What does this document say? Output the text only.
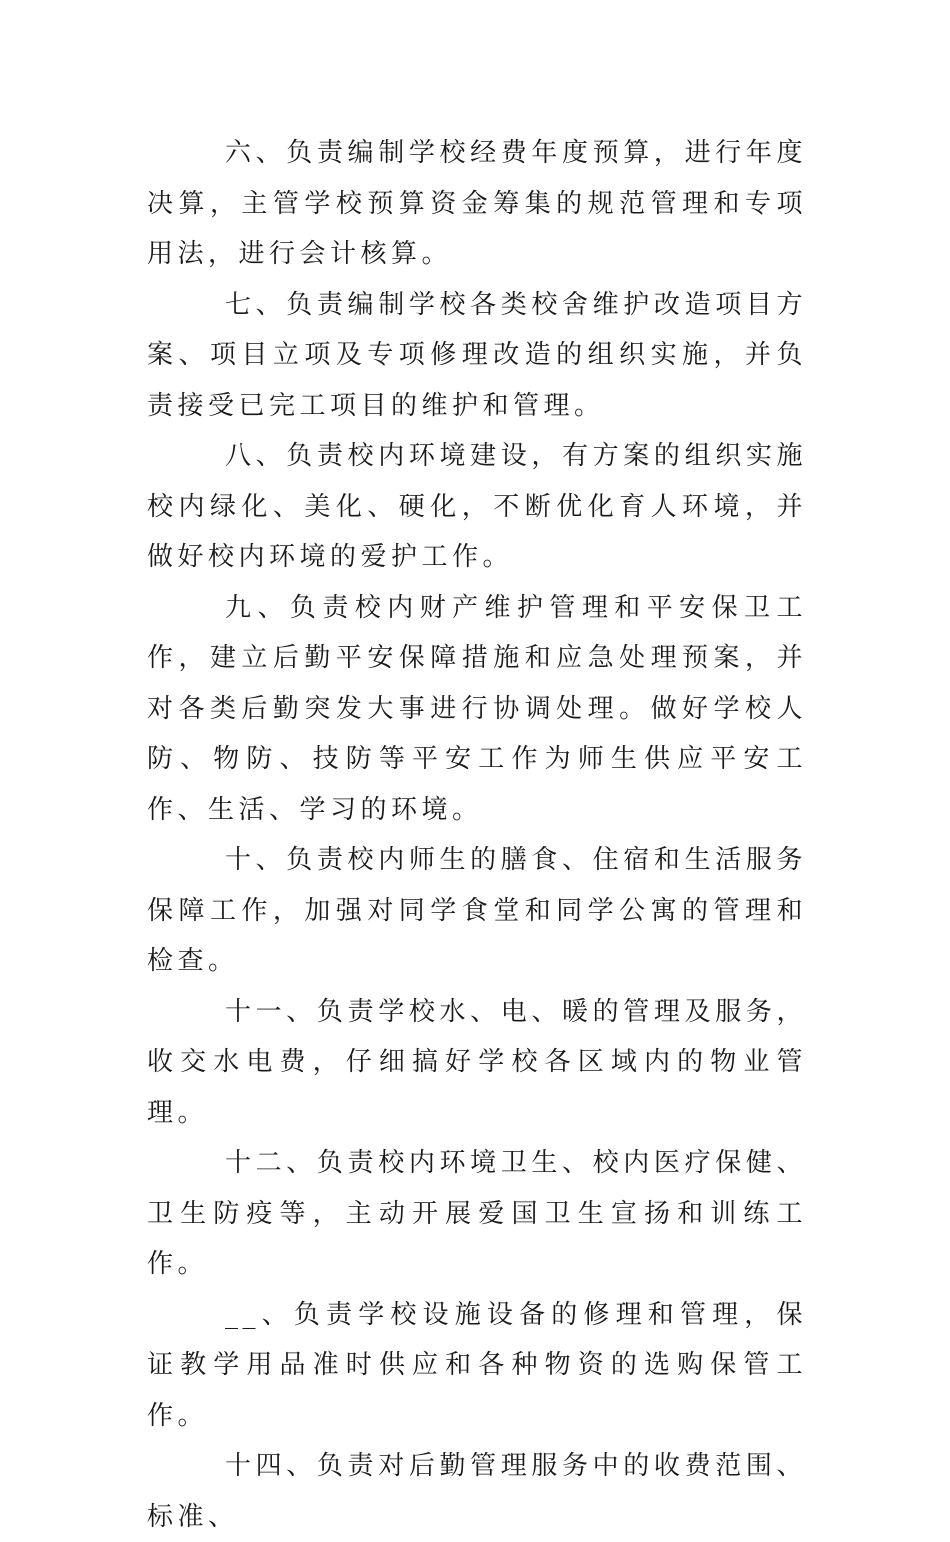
六、负责编制学校经费年度预算，进行年度决算，主管学校预算资金筹集的规范管理和专项用法，进行会计核算。

七、负责编制学校各类校舍维护改造项目方案、项目立项及专项修理改造的组织实施，并负责接受已完工项目的维护和管理。

八、负责校内环境建设，有方案的组织实施校内绿化、美化、硬化，不断优化育人环境，并做好校内环境的爱护工作。

九、负责校内财产维护管理和平安保卫工作，建立后勤平安保障措施和应急处理预案，并对各类后勤突发大事进行协调处理。做好学校人防、物防、技防等平安工作为师生供应平安工作、生活、学习的环境。

十、负责校内师生的膳食、住宿和生活服务保障工作，加强对同学食堂和同学公寓的管理和检查。

十一、负责学校水、电、暖的管理及服务，收交水电费，仔细搞好学校各区域内的物业管理。

十二、负责校内环境卫生、校内医疗保健、卫生防疫等，主动开展爱国卫生宣扬和训练工作。

__、负责学校设施设备的修理和管理，保证教学用品准时供应和各种物资的选购保管工作。

十四、负责对后勤管理服务中的收费范围、标准、
